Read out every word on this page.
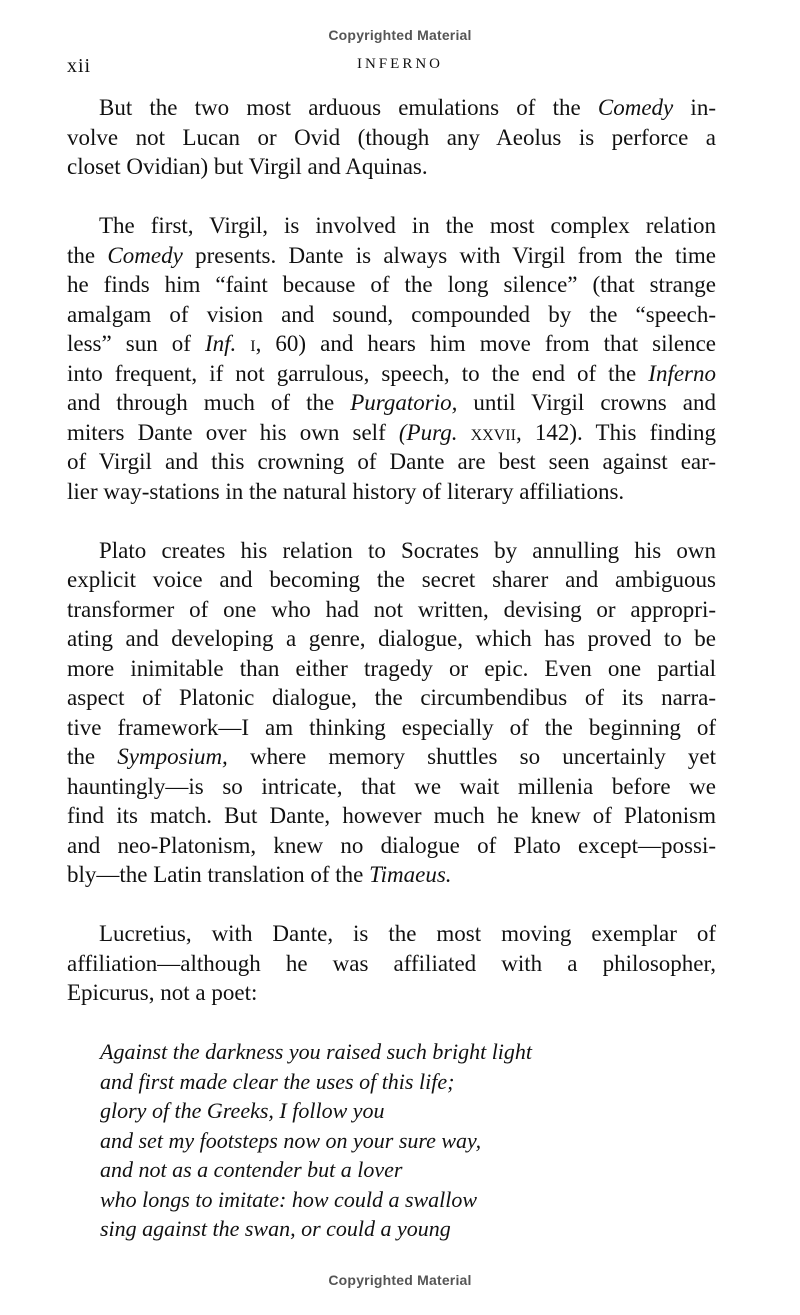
Copyrighted Material
xii	INFERNO

But the two most arduous emulations of the Comedy in-
volve not Lucan or Ovid (though any Aeolus is perforce a
closet Ovidian) but Virgil and Aquinas.

The first, Virgil, is involved in the most complex relation
the Comedy presents. Dante is always with Virgil from the time
he finds him “faint because of the long silence” (that strange
amalgam of vision and sound, compounded by the “speech-
less” sun of Inf. i, 60) and hears him move from that silence
into frequent, if not garrulous, speech, to the end of the Inferno
and through much of the Purgatorio, until Virgil crowns and
miters Dante over his own self (Purg. xxvii, 142). This finding
of Virgil and this crowning of Dante are best seen against ear-
lier way-stations in the natural history of literary affiliations.

Plato creates his relation to Socrates by annulling his own
explicit voice and becoming the secret sharer and ambiguous
transformer of one who had not written, devising or appropri-
ating and developing a genre, dialogue, which has proved to be
more inimitable than either tragedy or epic. Even one partial
aspect of Platonic dialogue, the circumbendibus of its narra-
tive framework—I am thinking especially of the beginning of
the Symposium, where memory shuttles so uncertainly yet
hauntingly—is so intricate, that we wait millenia before we
find its match. But Dante, however much he knew of Platonism
and neo-Platonism, knew no dialogue of Plato except—possi-
bly—the Latin translation of the Timaeus.

Lucretius, with Dante, is the most moving exemplar of
affiliation—although he was affiliated with a philosopher,
Epicurus, not a poet:

Against the darkness you raised such bright light
and first made clear the uses of this life;
glory of the Greeks, I follow you
and set my footsteps now on your sure way,
and not as a contender but a lover
who longs to imitate: how could a swallow
sing against the swan, or could a young
Copyrighted Material
